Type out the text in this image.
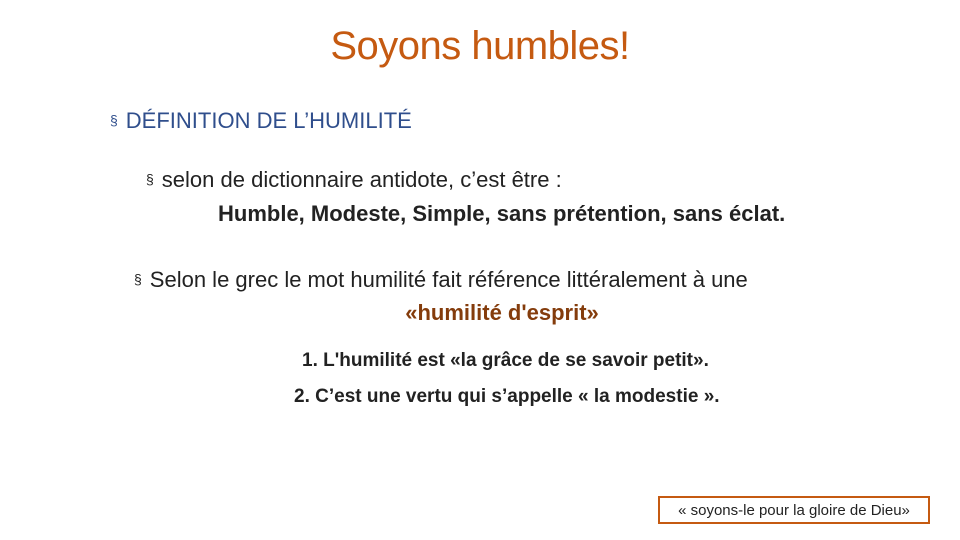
Soyons humbles!
§ DÉFINITION DE L’HUMILITÉ
§ selon de dictionnaire antidote, c’est être :
Humble, Modeste, Simple, sans prétention, sans éclat.
§ Selon le grec le mot humilité fait référence littéralement à une
«humilité d'esprit»
1. L'humilité est «la grâce de se savoir petit».
2. C’est une vertu qui s’appelle « la modestie ».
« soyons-le pour la gloire de Dieu»
